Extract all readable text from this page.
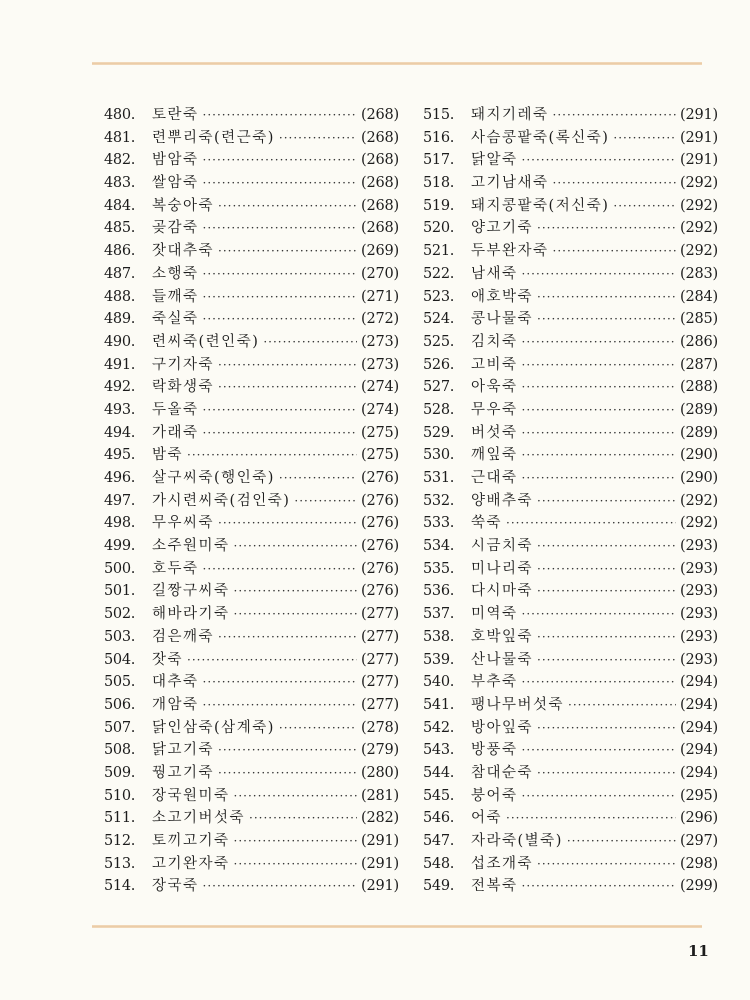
480.	토란죽 ·····	(268)
481.	련뿌리죽(련근죽) ·····	(268)
482.	밤암죽 ·····	(268)
483.	쌀암죽 ·····	(268)
484.	복숭아죽 ·····	(268)
485.	곶감죽 ·····	(268)
486.	잣대추죽 ·····	(269)
487.	소행죽 ·····	(270)
488.	들깨죽 ·····	(271)
489.	죽실죽 ·····	(272)
490.	련씨죽(련인죽) ·····	(273)
491.	구기자죽 ·····	(273)
492.	락화생죽 ·····	(274)
493.	두올죽 ·····	(274)
494.	가래죽 ·····	(275)
495.	밤죽 ·····	(275)
496.	살구씨죽(행인죽) ·····	(276)
497.	가시련씨죽(검인죽) ·····	(276)
498.	무우씨죽 ·····	(276)
499.	소주원미죽 ·····	(276)
500.	호두죽 ·····	(276)
501.	길짱구씨죽 ·····	(276)
502.	해바라기죽 ·····	(277)
503.	검은깨죽 ·····	(277)
504.	잣죽 ·····	(277)
505.	대추죽 ·····	(277)
506.	개암죽 ·····	(277)
507.	닭인삼죽(삼계죽) ·····	(278)
508.	닭고기죽 ·····	(279)
509.	꿩고기죽 ·····	(280)
510.	장국원미죽 ·····	(281)
511.	소고기버섯죽 ·····	(282)
512.	토끼고기죽 ·····	(291)
513.	고기완자죽 ·····	(291)
514.	장국죽 ·····	(291)
515.	돼지기레죽 ·····	(291)
516.	사슴콩팥죽(록신죽) ·····	(291)
517.	닭알죽 ·····	(291)
518.	고기남새죽 ·····	(292)
519.	돼지콩팥죽(저신죽) ·····	(292)
520.	양고기죽 ·····	(292)
521.	두부완자죽 ·····	(292)
522.	남새죽 ·····	(283)
523.	애호박죽 ·····	(284)
524.	콩나물죽 ·····	(285)
525.	김치죽 ·····	(286)
526.	고비죽 ·····	(287)
527.	아욱죽 ·····	(288)
528.	무우죽 ·····	(289)
529.	버섯죽 ·····	(289)
530.	깨잎죽 ·····	(290)
531.	근대죽 ·····	(290)
532.	양배추죽 ·····	(292)
533.	쑥죽 ·····	(292)
534.	시금치죽 ·····	(293)
535.	미나리죽 ·····	(293)
536.	다시마죽 ·····	(293)
537.	미역죽 ·····	(293)
538.	호박잎죽 ·····	(293)
539.	산나물죽 ·····	(293)
540.	부추죽 ·····	(294)
541.	팽나무버섯죽 ·····	(294)
542.	방아잎죽 ·····	(294)
543.	방풍죽 ·····	(294)
544.	참대순죽 ·····	(294)
545.	붕어죽 ·····	(295)
546.	어죽 ·····	(296)
547.	자라죽(별죽) ·····	(297)
548.	섭조개죽 ·····	(298)
549.	전복죽 ·····	(299)
11
